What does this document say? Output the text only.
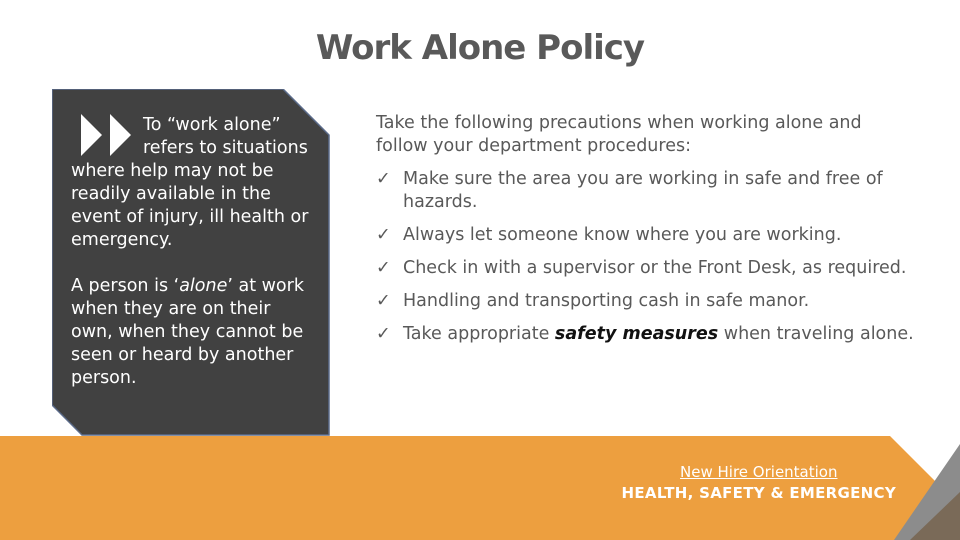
Work Alone Policy

To “work alone” refers to situations where help may not be readily available in the event of injury, ill health or emergency.

A person is ‘alone’ at work when they are on their own, when they cannot be seen or heard by another person.

Take the following precautions when working alone and follow your department procedures:

✓ Make sure the area you are working in safe and free of hazards.
✓ Always let someone know where you are working.
✓ Check in with a supervisor or the Front Desk, as required.
✓ Handling and transporting cash in safe manor.
✓ Take appropriate safety measures when traveling alone.
New Hire Orientation
HEALTH, SAFETY & EMERGENCY
